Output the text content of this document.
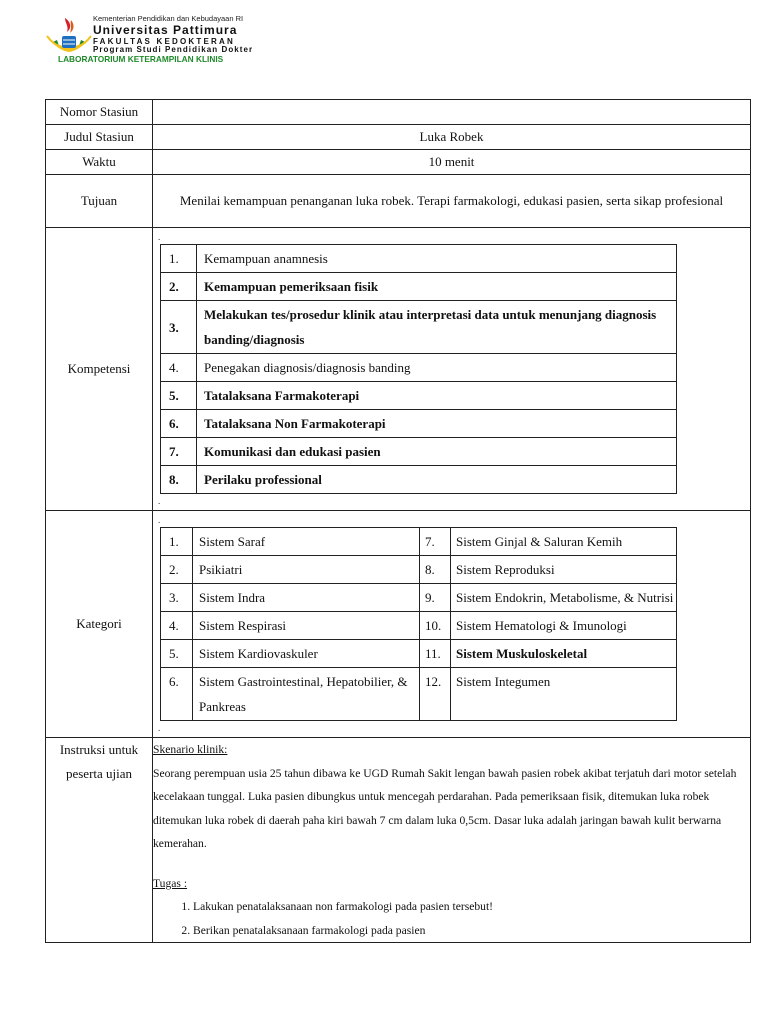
Kementerian Pendidikan dan Kebudayaan RI
Universitas Pattimura
FAKULTAS KEDOKTERAN
Program Studi Pendidikan Dokter
LABORATORIUM KETERAMPILAN KLINIS
Nomor Stasiun	
Judul Stasiun	Luka Robek
Waktu	10 menit
Tujuan	Menilai kemampuan penanganan luka robek. Terapi farmakologi, edukasi pasien, serta sikap profesional
Kompetensi	
.
1.	Kemampuan anamnesis
2.	Kemampuan pemeriksaan fisik
3.	Melakukan tes/prosedur klinik atau interpretasi data untuk menunjang diagnosis banding/diagnosis
4.	Penegakan diagnosis/diagnosis banding
5.	Tatalaksana Farmakoterapi
6.	Tatalaksana Non Farmakoterapi
7.	Komunikasi dan edukasi pasien
8.	Perilaku professional
.

Kategori	
.
1.	Sistem Saraf	7.	Sistem Ginjal & Saluran Kemih
2.	Psikiatri	8.	Sistem Reproduksi
3.	Sistem Indra	9.	Sistem Endokrin, Metabolisme, & Nutrisi
4.	Sistem Respirasi	10.	Sistem Hematologi & Imunologi
5.	Sistem Kardiovaskuler	11.	Sistem Muskuloskeletal
6.	Sistem Gastrointestinal, Hepatobilier, & Pankreas	12.	Sistem Integumen
.

Instruksi untuk
peserta ujian

Skenario klinik:
Seorang perempuan usia 25 tahun dibawa ke UGD Rumah Sakit lengan bawah pasien robek akibat terjatuh dari motor setelah kecelakaan tunggal. Luka pasien dibungkus untuk mencegah perdarahan. Pada pemeriksaan fisik, ditemukan luka robek ditemukan luka robek di daerah paha kiri bawah 7 cm dalam luka 0,5cm. Dasar luka adalah jaringan bawah kulit berwarna kemerahan.
Tugas :
1. Lakukan penatalaksanaan non farmakologi pada pasien tersebut!
2. Berikan penatalaksanaan farmakologi pada pasien
